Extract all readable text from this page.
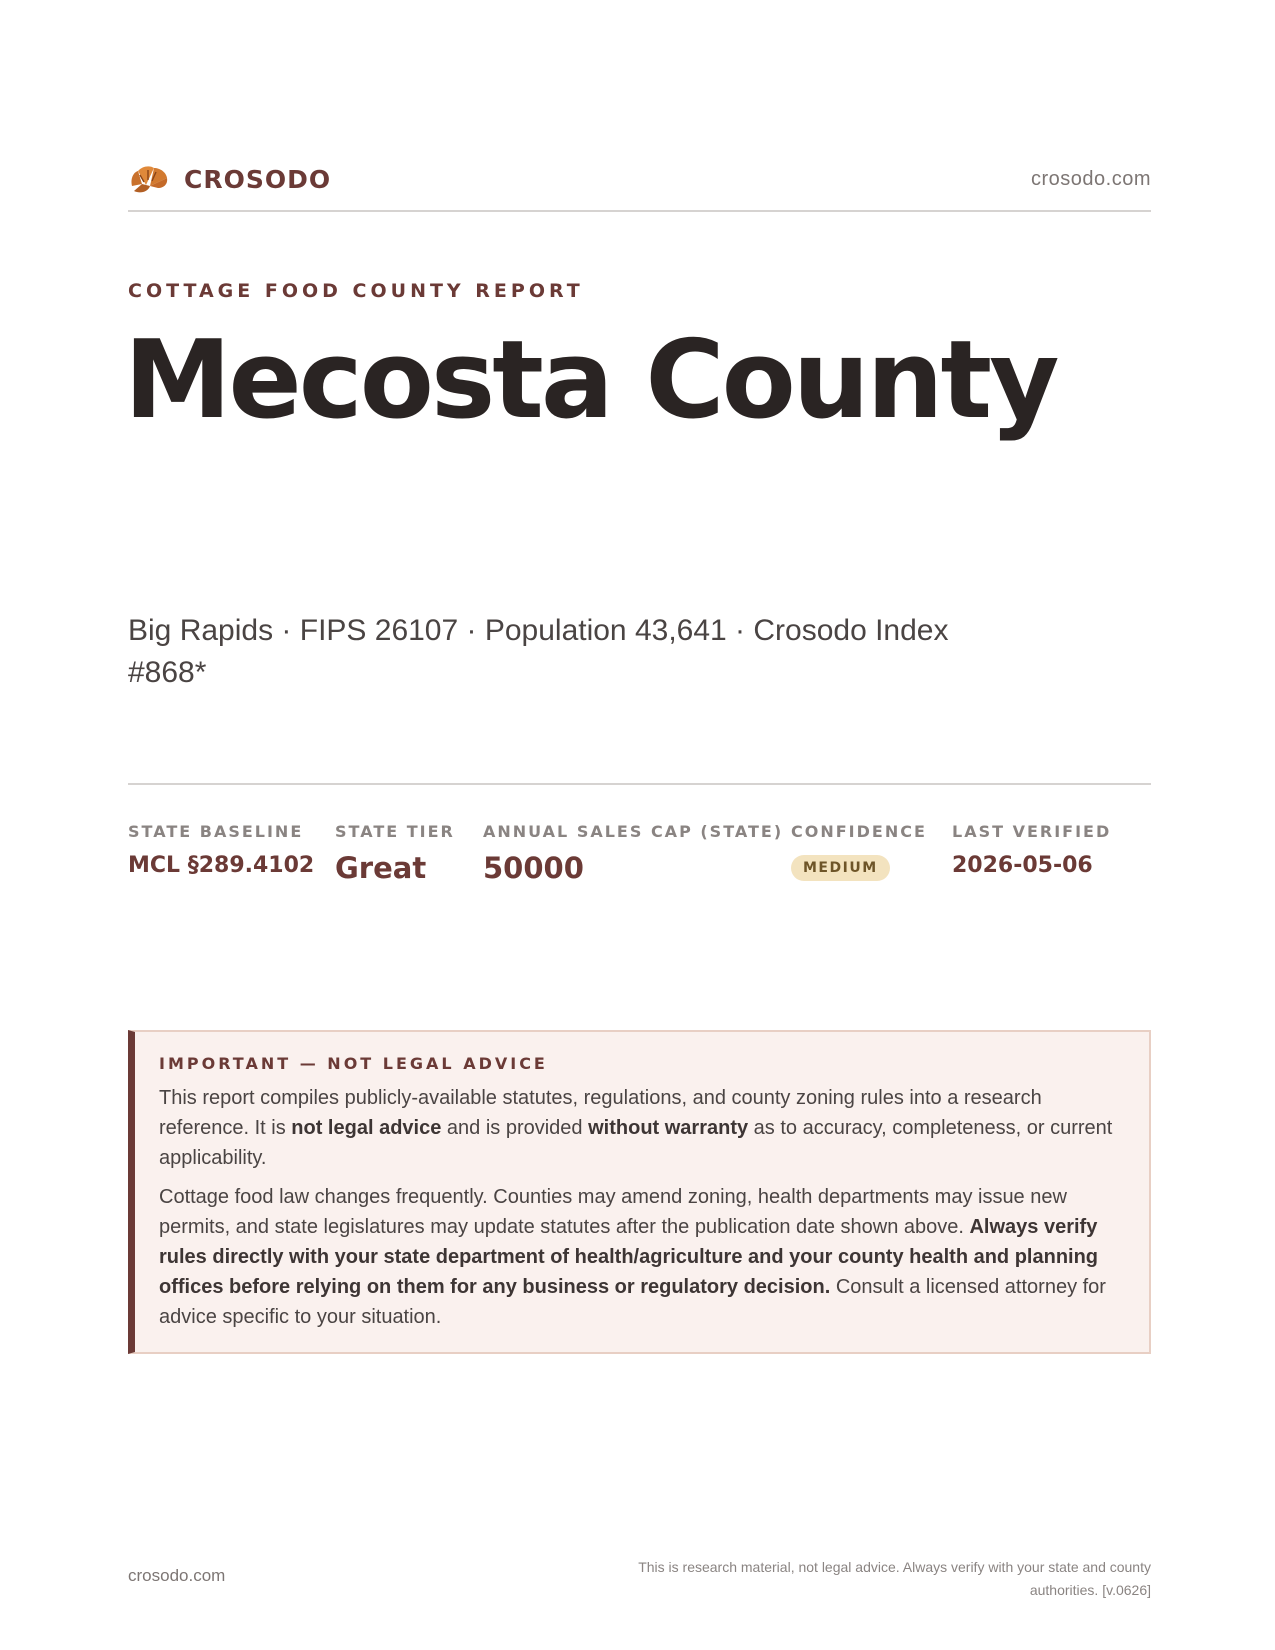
CROSODO	crosodo.com
COTTAGE FOOD COUNTY REPORT
Mecosta County
Big Rapids · FIPS 26107 · Population 43,641 · Crosodo Index #868*
STATE BASELINE
MCL §289.4102
STATE TIER
Great
ANNUAL SALES CAP (STATE)
50000
CONFIDENCE
MEDIUM
LAST VERIFIED
2026-05-06
IMPORTANT — NOT LEGAL ADVICE

This report compiles publicly-available statutes, regulations, and county zoning rules into a research reference. It is not legal advice and is provided without warranty as to accuracy, completeness, or current applicability.

Cottage food law changes frequently. Counties may amend zoning, health departments may issue new permits, and state legislatures may update statutes after the publication date shown above. Always verify rules directly with your state department of health/agriculture and your county health and planning offices before relying on them for any business or regulatory decision. Consult a licensed attorney for advice specific to your situation.

crosodo.com	This is research material, not legal advice. Always verify with your state and county authorities. [v.0626]
